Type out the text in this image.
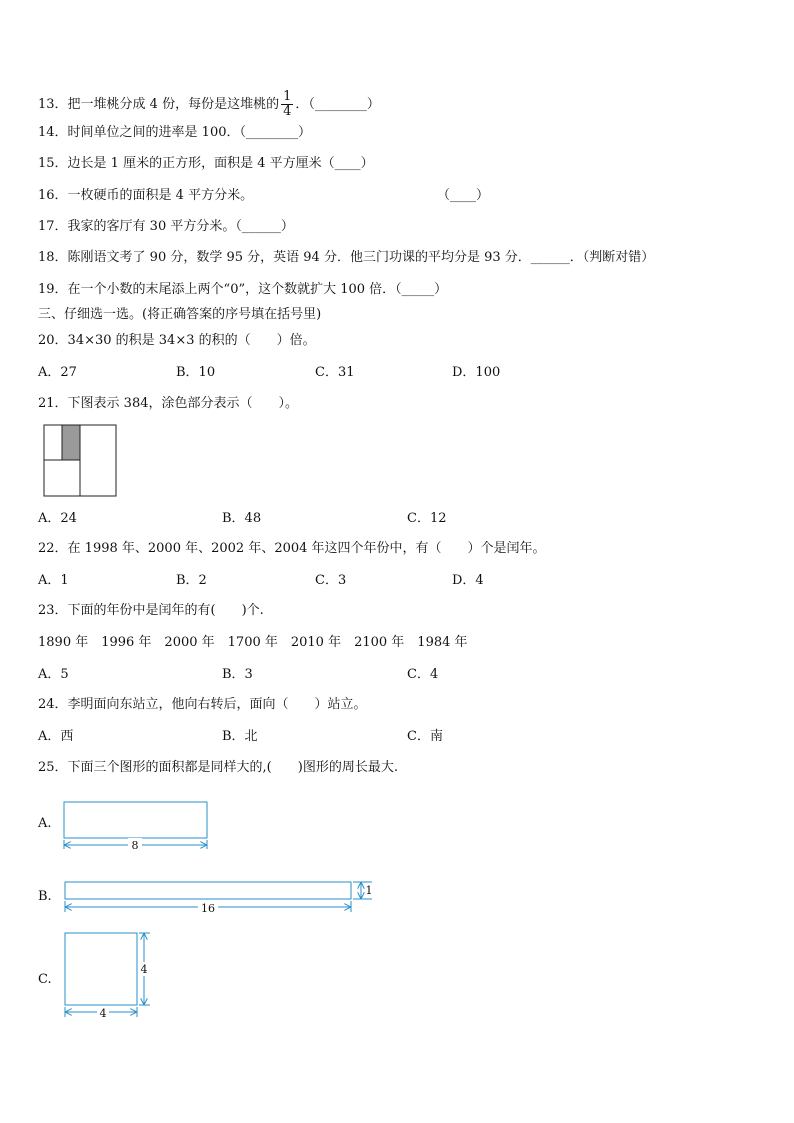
13．把一堆桃分成 4 份，每份是这堆桃的 $\frac{1}{4}$ ．（________）
14．时间单位之间的进率是 100．（________）
15．边长是 1 厘米的正方形，面积是 4 平方厘米（____）
16．一枚硬币的面积是 4 平方分米。	（____）
17．我家的客厅有 30 平方分米。（______）
18．陈刚语文考了 90 分，数学 95 分，英语 94 分．他三门功课的平均分是 93 分．______．（判断对错）
19．在一个小数的末尾添上两个“0”，这个数就扩大 100 倍．（_____）
三、仔细选一选。(将正确答案的序号填在括号里)
20．34×30 的积是 34×3 的积的（　　）倍。
A．27	B．10	C．31	D．100
21．下图表示 384，涂色部分表示（　　）。
A．24	B．48	C．12
22．在 1998 年、2000 年、2002 年、2004 年这四个年份中，有（　　）个是闰年。
A．1	B．2	C．3	D．4
23．下面的年份中是闰年的有(　　)个.
1890 年　1996 年　2000 年　1700 年　2010 年　2100 年　1984 年
A．5	B．3	C．4
24．李明面向东站立，他向右转后，面向（　　）站立。
A．西	B．北	C．南
25．下面三个图形的面积都是同样大的,(　　)图形的周长最大.
A.
8
B.
16
1
C.
4
4
